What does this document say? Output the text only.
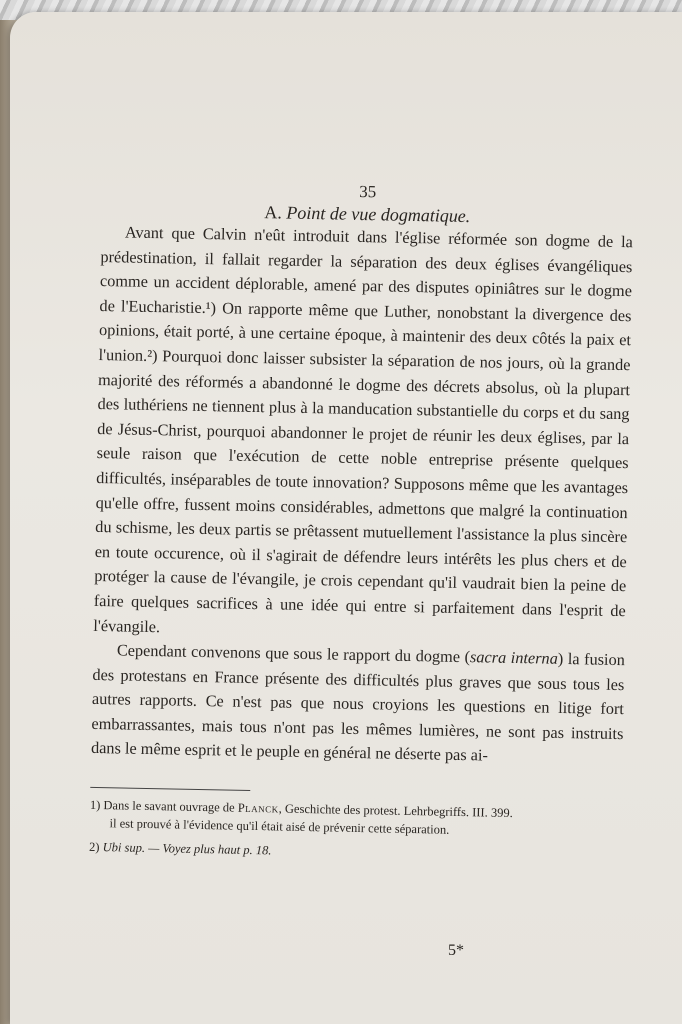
35

A. Point de vue dogmatique.

Avant que Calvin n'eût introduit dans l'église réformée son dogme de la prédestination, il fallait regarder la séparation des deux églises évangéliques comme un accident déplorable, amené par des disputes opiniâtres sur le dogme de l'Eucharistie.¹) On rapporte même que Luther, nonobstant la divergence des opinions, était porté, à une certaine époque, à maintenir des deux côtés la paix et l'union.²) Pourquoi donc laisser subsister la séparation de nos jours, où la grande majorité des réformés a abandonné le dogme des décrets absolus, où la plupart des luthériens ne tiennent plus à la manducation substantielle du corps et du sang de Jésus-Christ, pourquoi abandonner le projet de réunir les deux églises, par la seule raison que l'exécution de cette noble entreprise présente quelques difficultés, inséparables de toute innovation? Supposons même que les avantages qu'elle offre, fussent moins considérables, admettons que malgré la continuation du schisme, les deux partis se prêtassent mutuellement l'assistance la plus sincère en toute occurence, où il s'agirait de défendre leurs intérêts les plus chers et de protéger la cause de l'évangile, je crois cependant qu'il vaudrait bien la peine de faire quelques sacrifices à une idée qui entre si parfaitement dans l'esprit de l'évangile.

Cependant convenons que sous le rapport du dogme (sacra interna) la fusion des protestans en France présente des difficultés plus graves que sous tous les autres rapports. Ce n'est pas que nous croyions les questions en litige fort embarrassantes, mais tous n'ont pas les mêmes lumières, ne sont pas instruits dans le même esprit et le peuple en général ne déserte pas ai-

1) Dans le savant ouvrage de Planck, Geschichte des protest. Lehrbegriffs. III. 399.
il est prouvé à l'évidence qu'il était aisé de prévenir cette séparation.

2) Ubi sup. — Voyez plus haut p. 18.

5*
